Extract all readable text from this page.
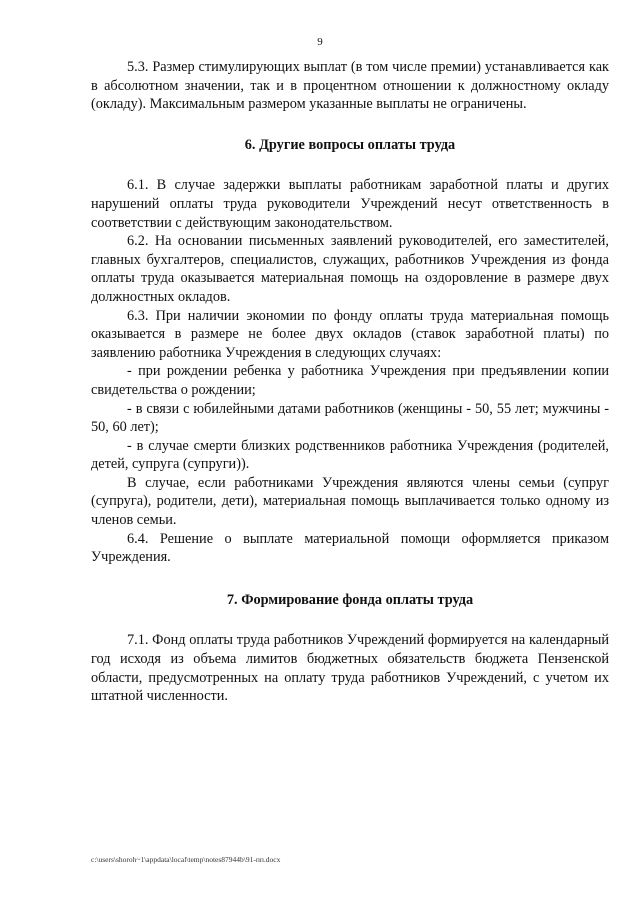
9

5.3. Размер стимулирующих выплат (в том числе премии) устанавливается как в абсолютном значении, так и в процентном отношении к должностному окладу (окладу). Максимальным размером указанные выплаты не ограничены.

6. Другие вопросы оплаты труда

6.1. В случае задержки выплаты работникам заработной платы и других нарушений оплаты труда руководители Учреждений несут ответственность в соответствии с действующим законодательством.

6.2. На основании письменных заявлений руководителей, его заместителей, главных бухгалтеров, специалистов, служащих, работников Учреждения из фонда оплаты труда оказывается материальная помощь на оздоровление в размере двух должностных окладов.

6.3. При наличии экономии по фонду оплаты труда материальная помощь оказывается в размере не более двух окладов (ставок заработной платы) по заявлению работника Учреждения в следующих случаях:

- при рождении ребенка у работника Учреждения при предъявлении копии свидетельства о рождении;

- в связи с юбилейными датами работников (женщины - 50, 55 лет; мужчины - 50, 60 лет);

- в случае смерти близких родственников работника Учреждения (родителей, детей, супруга (супруги)).

В случае, если работниками Учреждения являются члены семьи (супруг (супруга), родители, дети), материальная помощь выплачивается только одному из членов семьи.

6.4. Решение о выплате материальной помощи оформляется приказом Учреждения.

7. Формирование фонда оплаты труда

7.1. Фонд оплаты труда работников Учреждений формируется на календарный год исходя из объема лимитов бюджетных обязательств бюджета Пензенской области, предусмотренных на оплату труда работников Учреждений, с учетом их штатной численности.

c:\users\shoroh~1\appdata\local\temp\notes87944b\91-пп.docx
